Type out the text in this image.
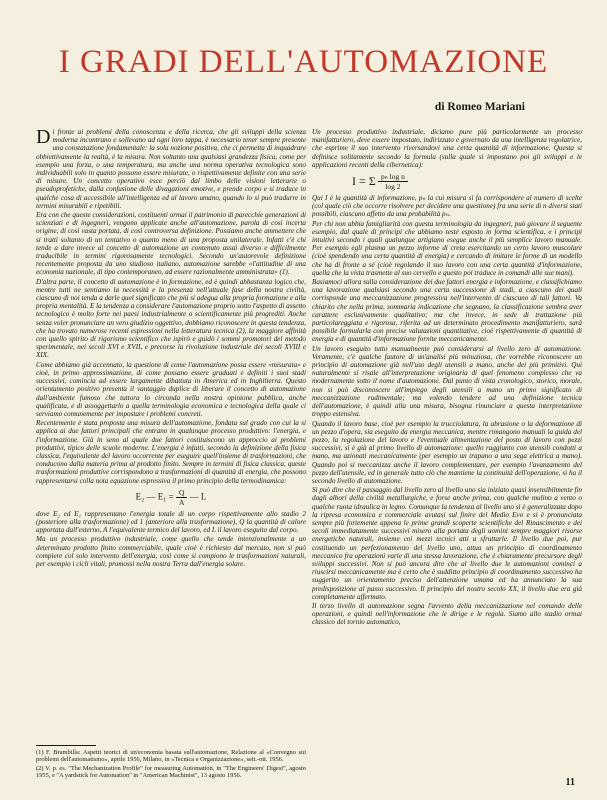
I GRADI DELL'AUTOMAZIONE
di Romeo Mariani

Di fronte ai problemi della conoscenza e della ricerca, che gli sviluppi della scienza moderna incontrano e sollevano ad ogni loro tappa, è necessario tener sempre presente una constatazione fondamentale: la sola nozione positiva, che ci permetta di inquadrare obbiettivamente la realtà, è la misura. Non soltanto una qualsiasi grandezza fisica, come per esempio una forza, o una temperatura, ma anche una norma operativa tecnologica sono individuabili solo in quanto possono essere misurate, o rispettivamente definite con una serie di misure. Un concetto operativo esce perciò dal limbo delle visioni letterarie o pseudoprofetiche, dalla confusione delle divagazioni emotive, e prende corpo e si traduce in qualche cosa di accessibile all'intelligenza ed al lavoro umano, quando lo si può tradurre in termini misurabili e ripetibili.

Era con che queste considerazioni, costituenti ormai il patrimonio di parecchie generazioni di scienziati e di ingegneri, vengono applicate anche all'automazione, parola di così incerta origine, di così vasta portata, di così controversa definizione. Possiamo anche ammettere che si tratti soltanto di un tentativo o quanto meno di una proposta unilaterale. Infatti c'è chi tende a dare invece al concetto di automazione un contenuto assai diverso e difficilmente traducibile in termini rigorosamente tecnologici. Secondo un'autorevole definizione recentemente proposta da uno studioso italiano, automazione sarebbe «l'attitudine di una economia nazionale, di tipo contemporaneo, ad essere razionalmente amministrata» (1).

D'altra parte, il concetto di automazione è in formazione, ed è quindi abbastanza logico che, mentre tutti ne sentiamo la necessità e la presenza nell'attuale fase della nostra civiltà, ciascuno di noi tenda a darle quel significato che più si adegua alla propria formazione e alla propria mentalità. E la tendenza a considerare l'automazione proprio sotto l'aspetto di assetto tecnologico è molto forte nei paesi industrialmente o scientificamente più progrediti. Anche senza voler pronunciare un vero giudizio oggettivo, dobbiamo riconoscere in questa tendenza, che ha trovato numerose recenti espressioni nella letteratura tecnica (2), la maggiore affinità con quello spirito di rigorismo scientifico che ispirò e guidò i sommi promotori del metodo sperimentale, nei secoli XVI e XVII, e precorse la rivoluzione industriale dei secoli XVIII e XIX.

Come abbiamo già accennato, la questione di come l'automazione possa essere «misurata» e cioè, in primo approssimazione, di come possano essere graduati e definiti i suoi stadi successivi, comincia ad essere largamente dibattuta in America ed in Inghilterra. Questo orientamento positivo presenta il vantaggio duplice di liberare il concetto di automazione dall'ambiente fumoso che tuttora lo circonda nella nostra opinione pubblica, anche qualificata, e di assoggettarlo a quella terminologia economica e tecnologica della quale ci serviamo comunemente per impostare i problemi concreti.

Recentemente è stata proposta una misura dell'automazione, fondata sul grado con cui la si applica ai due fattori principali che entrano in qualunque processo produttivo: l'energia, e l'informazione. Già in seno al quale due fattori costituiscono un approccio ai problemi produttivi, tipico delle scuole moderne. L'energia è infatti, secondo la definizione della fisica classica, l'equivalente del lavoro occorrente per eseguire quell'insieme di trasformazioni, che conducono dalla materia prima al prodotto finito. Sempre in termini di fisica classica, queste trasformazioni produttive corrispondono a trasformazioni di quantità di energia, che possono rappresentarsi colla nota equazione espressiva il primo principio della termodinamica:

E₂ — $E_1 = \frac{Q}{A}$ — L

dove E₂ ed E₁ rappresentano l'energia totale di un corpo rispettivamente allo stadio 2 (posteriore alla trasformazione) ed 1 (anteriore alla trasformazione), Q la quantità di calore apportata dall'esterno, A l'equivalente termico del lavoro, ed L il lavoro eseguito dal corpo.

Ma un processo produttivo industriale, come quello che tende intenzionalmente a un determinato prodotto finito commerciabile, quale cioè è richiesto dal mercato, non si può compiere col solo intervento dell'energia, così come si compiono le trasformazioni naturali, per esempio i cicli vitali, promossi nella nostra Terra dall'energia solare.

Un processo produttivo industriale, diciamo pure più particolarmente un processo manifatturiero, deve essere impostato, indirizzato e governato da una intelligenza regolatrice, che esprime il suo intervento riversandovi una certa quantità di informazione. Questa si definisce solitamente secondo la formula (sulla quale si impostano poi gli sviluppi e le applicazioni recenti della cibernetica):

I = Σ $\frac{\text{pₙ log n}}{\log 2}$

Qui I è la quantità di informazione, pₙ la cui misura si fa corrispondere al numero di scelte (col quale ciò che occorre risolvere per decidere una questione) fra una serie di n diversi stati possibili, ciascuno affetto da una probabilità pₙ.

Per chi non abbia famigliarità con questa terminologia da ingegneri, può giovare il seguente esempio, dal quale di principi che abbiamo testé esposto in forma scientifica, e i principi intuitivi secondo i quali qualunque artigiano esegue anche il più semplice lavoro manuale. Per esempio egli plasma un pezzo informe di creta esercitando un certo lavoro muscolare (cioè spendendo una certa quantità di energia) e cercando di imitare le forme di un modello che ha di fronte a sé (cioè regolando il suo lavoro con una certa quantità d'informazione, quella che la vista trasmette al suo cervello e questo poi traduce in comandi alle sue mani).

Basiamoci allora sulla considerazione dei due fattori energia e informazione, e classifichiamo una lavorazione qualsiasi secondo una certa successione di stadi, a ciascuno dei quali corrisponde una meccanizzazione progressiva nell'intervento di ciascuno di tali fattori. Va chiarito che nella prima, sommaria indicazione che segnano, la classificazione sembra aver carattere esclusivamente qualitativo; ma che invece, in sede di trattazione più particolareggiata e rigorosa, riferita ad un determinato procedimento manifatturiero, sarà possibile formularla con precise valutazioni quantitative, cioè rispettivamente di quantità di energia e di quantità d'informazione fornite meccanicamente.

Un lavoro eseguito tutto manualmente può considerarsi al livello zero di automazione. Veramente, c'è qualche fautore di un'analisi più minuziosa, che vorrebbe riconoscere un principio di automazione già nell'uso degli utensili a mano, anche dei più primitivi. Qui naturalmente si risale all'interpretazione originaria di quel fenomeno complesso che va modernamente sotto il nome d'automazione. Dal punto di vista cronologico, storico, morale, non si può disconoscere all'impiego degli utensili a mano un primo significato di meccanizzazione rudimentale; ma volendo tendere ad una definizione tecnica dell'automazione, è quindi alla una misura, bisogna rinunciare a questa interpretazione troppo estensiva.

Quando il lavoro base, cioè per esempio la trucciolatura, la abrasione o la deformazione di un pezzo d'opera, sia eseguito da energia meccanica, mentre rimangono manuali la guida del pezzo, la regolazione del lavoro e l'eventuale alimentazione del posto di lavoro con pezzi successivi, si è già al primo livello di automazione: quello raggiunto con utensili condotti a mano, ma azionati meccanicamente (per esempio un trapano a una sega elettrica a mano). Quando poi si meccanizza anche il lavoro complementare, per esempio l'avanzamento del pezzo dell'utensile, ed in generale tutto ciò che mantiene la continuità dell'operazione, si ha il secondo livello di automazione.

Si può dire che il passaggio dal livello zero al livello uno sia iniziato quasi insensibilmente fin dagli albori della civiltà metallurgiche, e forse anche prima, con qualche mulino a vento o qualche ruota idraulica in legno. Comunque la tendenza al livello uno si è generalizzata dopo la ripresa economica e commerciale avutasi sul finire del Medio Evo e si è pronunciata sempre più fortemente appena le prime grandi scoperte scientifiche del Rinascimento e dei secoli immediatamente successivi misero alla portata degli uomini sempre maggiori risorse energetiche naturali, insieme coi mezzi tecnici atti a sfruttarle. Il livello due poi, pur costituendo un perfezionamento del livello uno, attua un principio di coordinamento meccanico fra operazioni varie di una stessa lavorazione, che è chiaramente precursore degli sviluppi successivi. Non si può ancora dire che al livello due le automazioni cominci a riuscirsi meccanicamente ma è certo che è sudditto principio di coordinamento successivo ha suggerito un orientamento preciso dell'attenzione umana ed ha annunciato la sua predisposizione al passo successivo. Il principio del nostro secolo XX, il livello due era già completamente affermato.

Il terzo livello di automazione segna l'avvento della meccanizzazione nel comando delle operazioni, e quindi nell'informazione che le dirige e le regola. Siamo allo stadio ormai classico del tornio automatico,

(1) F. Brambilla: Aspetti teorici di un'economia basata sull'automazione, Relazione al «Convegno sui problemi dell'automatismo», aprile 1956, Milano, in «Tecnica e Organizzazione», sett.-ott. 1956.

(2) V. p. es. "The Mechanization Profile" for measuring Automation, in "The Engineers' Digest", agosto 1955, e "A yardstick for Automation" in "American Machinist", 13 agosto 1956.

11
